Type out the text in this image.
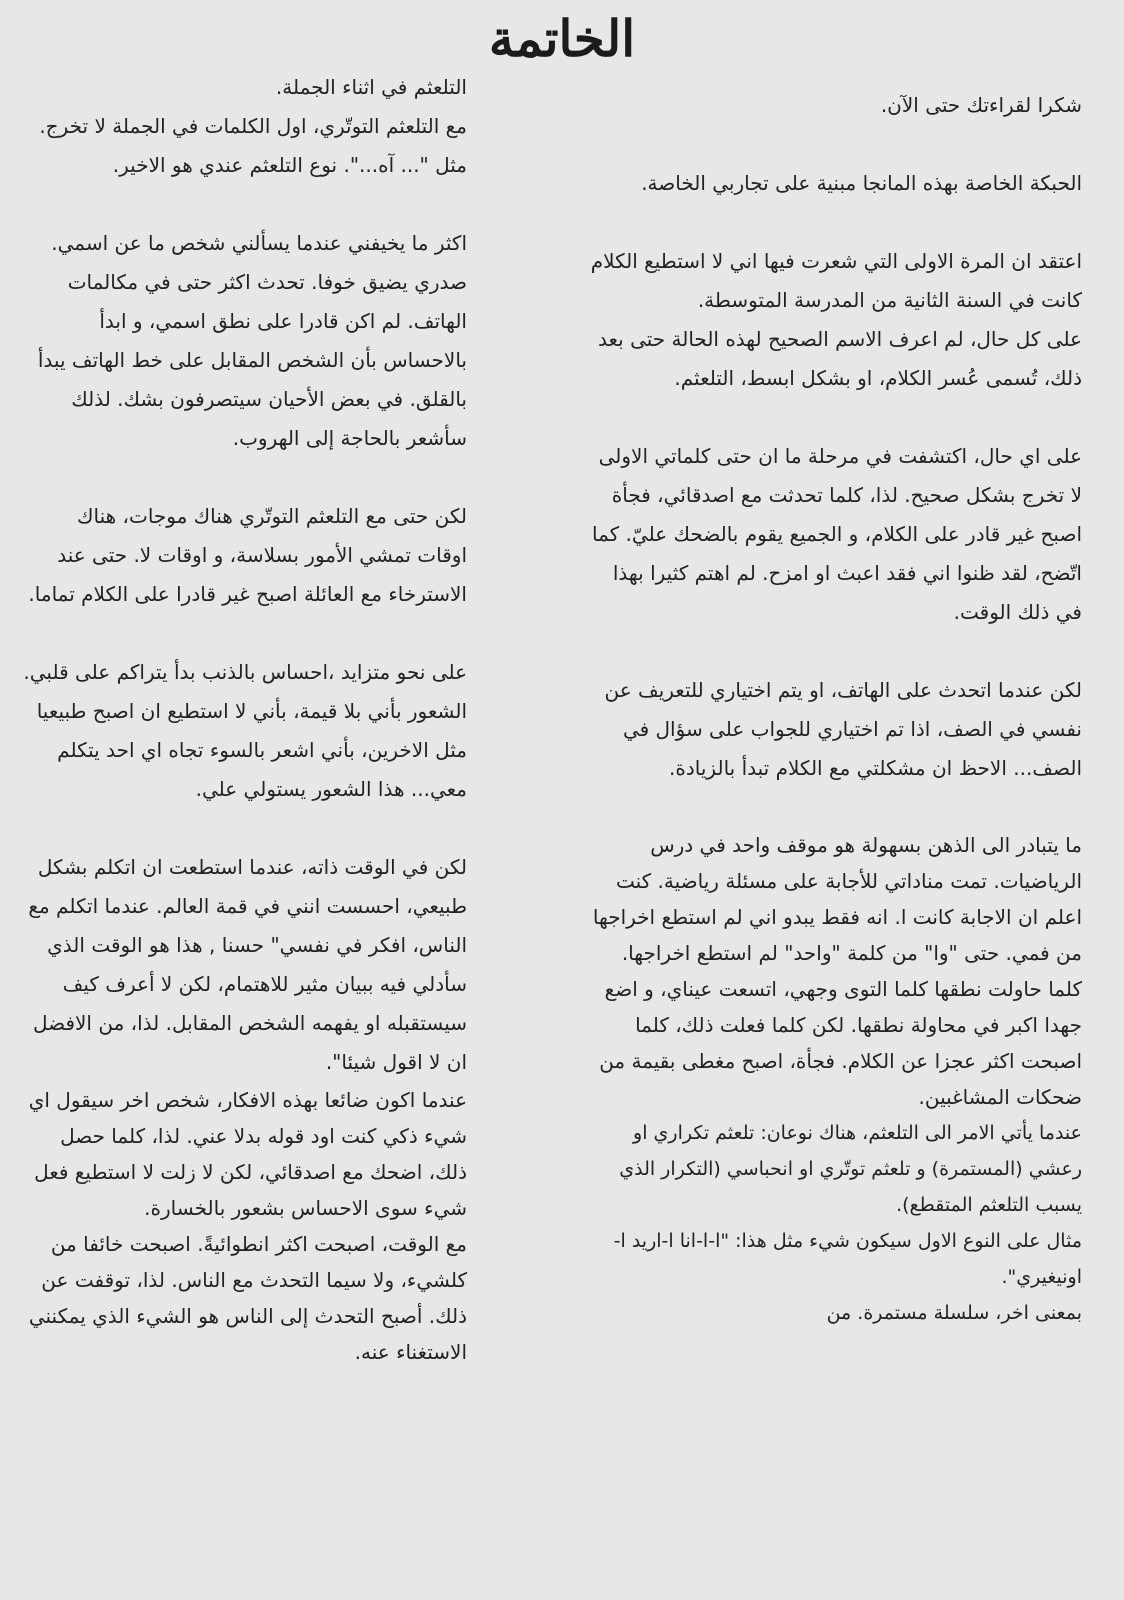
الخاتمة

شكرا لقراءتك حتى الآن.

الحبكة الخاصة بهذه المانجا مبنية على تجاربي الخاصة.

اعتقد ان المرة الاولى التي شعرت فيها اني لا استطيع الكلام كانت في السنة الثانية من المدرسة المتوسطة.

على كل حال، لم اعرف الاسم الصحيح لهذه الحالة حتى بعد ذلك، تُسمى عُسر الكلام، او بشكل ابسط، التلعثم.

على اي حال، اكتشفت في مرحلة ما ان حتى كلماتي الاولى لا تخرج بشكل صحيح. لذا، كلما تحدثت مع اصدقائي، فجأة اصبح غير قادر على الكلام، و الجميع يقوم بالضحك عليّ. كما اتّضح، لقد ظنوا اني فقد اعبث او امزح. لم اهتم كثيرا بهذا في ذلك الوقت.

لكن عندما اتحدث على الهاتف، او يتم اختياري للتعريف عن نفسي في الصف، اذا تم اختياري للجواب على سؤال في الصف... الاحظ ان مشكلتي مع الكلام تبدأ بالزيادة.

ما يتبادر الى الذهن بسهولة هو موقف واحد في درس الرياضيات. تمت مناداتي للأجابة على مسئلة رياضية. كنت اعلم ان الاجابة كانت ا. انه فقط يبدو اني لم استطع اخراجها من فمي. حتى "وا" من كلمة "واحد" لم استطع اخراجها. كلما حاولت نطقها كلما التوى وجهي، اتسعت عيناي، و اضع جهدا اكبر في محاولة نطقها. لكن كلما فعلت ذلك، كلما اصبحت اكثر عجزا عن الكلام. فجأة، اصبح مغطى بقيمة من ضحكات المشاغبين.

عندما يأتي الامر الى التلعثم، هناك نوعان: تلعثم تكراري او رعشي (المستمرة) و تلعثم توتّري او انحباسي (التكرار الذي يسبب التلعثم المتقطع).

مثال على النوع الاول سيكون شيء مثل هذا: "ا-ا-انا ا-اريد ا-اونيغيري".

بمعنى اخر، سلسلة مستمرة. من

التلعثم في اثناء الجملة.

مع التلعثم التوتّري، اول الكلمات في الجملة لا تخرج. مثل "... آه...". نوع التلعثم عندي هو الاخير.

اكثر ما يخيفني عندما يسألني شخص ما عن اسمي. صدري يضيق خوفا. تحدث اكثر حتى في مكالمات الهاتف. لم اكن قادرا على نطق اسمي، و ابدأ بالاحساس بأن الشخص المقابل على خط الهاتف يبدأ بالقلق. في بعض الأحيان سيتصرفون بشك. لذلك سأشعر بالحاجة إلى الهروب.

لكن حتى مع التلعثم التوتّري هناك موجات، هناك اوقات تمشي الأمور بسلاسة، و اوقات لا. حتى عند الاسترخاء مع العائلة اصبح غير قادرا على الكلام تماما.

على نحو متزايد ،احساس بالذنب بدأ يتراكم على قلبي. الشعور بأني بلا قيمة، بأني لا استطيع ان اصبح طبيعيا مثل الاخرين، بأني اشعر بالسوء تجاه اي احد يتكلم معي... هذا الشعور يستولي علي.

لكن في الوقت ذاته، عندما استطعت ان اتكلم بشكل طبيعي، احسست انني في قمة العالم. عندما اتكلم مع الناس، افكر في نفسي" حسنا , هذا هو الوقت الذي سأدلي فيه ببيان مثير للاهتمام، لكن لا أعرف كيف سيستقبله او يفهمه الشخص المقابل. لذا، من الافضل ان لا اقول شيئا".

عندما اكون ضائعا بهذه الافكار، شخص اخر سيقول اي شيء ذكي كنت اود قوله بدلا عني. لذا، كلما حصل ذلك، اضحك مع اصدقائي، لكن لا زلت لا استطيع فعل شيء سوى الاحساس بشعور بالخسارة.

مع الوقت، اصبحت اكثر انطوائيةً. اصبحت خائفا من كلشيء، ولا سيما التحدث مع الناس. لذا، توقفت عن ذلك. أصبح التحدث إلى الناس هو الشيء الذي يمكنني الاستغناء عنه.
